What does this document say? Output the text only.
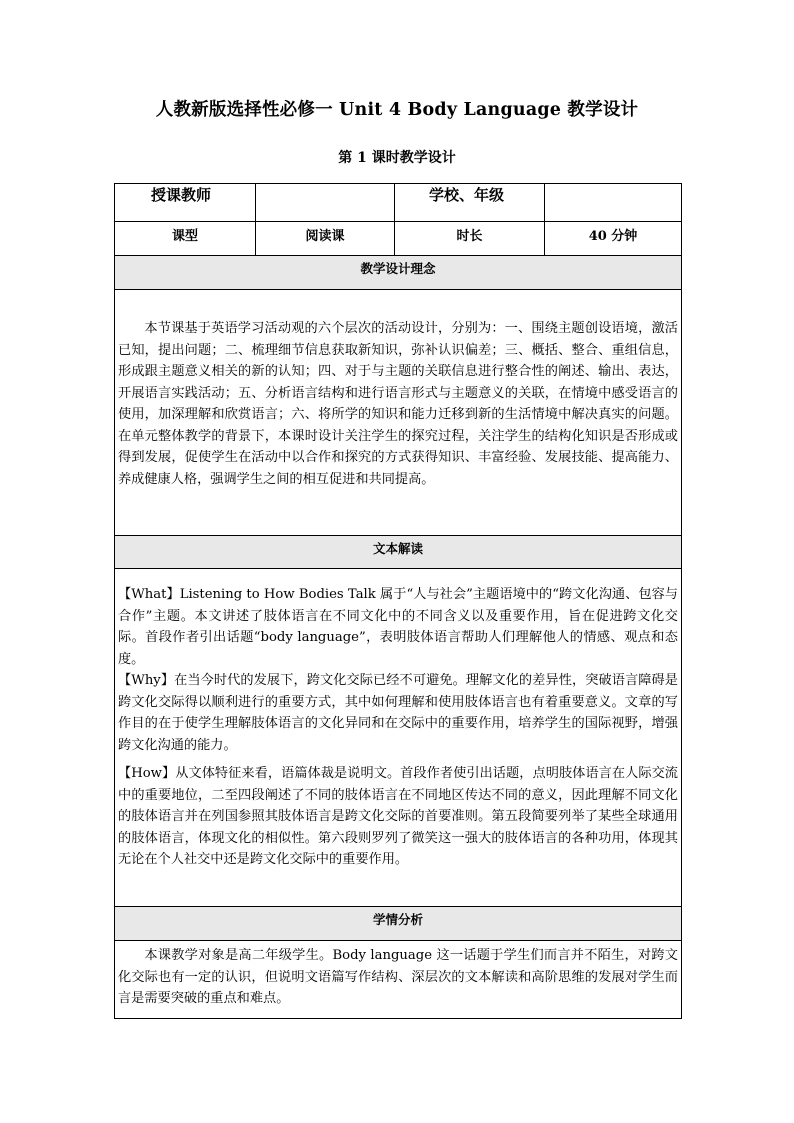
人教新版选择性必修一 Unit 4 Body Language 教学设计
第 1 课时教学设计
授课教师		学校、年级	
课型	阅读课	时长	40 分钟
教学设计理念			

本节课基于英语学习活动观的六个层次的活动设计，分别为：一、围绕主题创设语境，激活已知，提出问题；二、梳理细节信息获取新知识，弥补认识偏差；三、概括、整合、重组信息，形成跟主题意义相关的新的认知；四、对于与主题的关联信息进行整合性的阐述、输出、表达，开展语言实践活动；五、分析语言结构和进行语言形式与主题意义的关联，在情境中感受语言的使用，加深理解和欣赏语言；六、将所学的知识和能力迁移到新的生活情境中解决真实的问题。在单元整体教学的背景下，本课时设计关注学生的探究过程，关注学生的结构化知识是否形成或得到发展，促使学生在活动中以合作和探究的方式获得知识、丰富经验、发展技能、提高能力、养成健康人格，强调学生之间的相互促进和共同提高。			

文本解读			

【What】Listening to How Bodies Talk 属于“人与社会”主题语境中的“跨文化沟通、包容与合作”主题。本文讲述了肢体语言在不同文化中的不同含义以及重要作用，旨在促进跨文化交际。首段作者引出话题“body language”，表明肢体语言帮助人们理解他人的情感、观点和态度。

【Why】在当今时代的发展下，跨文化交际已经不可避免。理解文化的差异性，突破语言障碍是跨文化交际得以顺利进行的重要方式，其中如何理解和使用肢体语言也有着重要意义。文章的写作目的在于使学生理解肢体语言的文化异同和在交际中的重要作用，培养学生的国际视野，增强跨文化沟通的能力。

【How】从文体特征来看，语篇体裁是说明文。首段作者使引出话题，点明肢体语言在人际交流中的重要地位，二至四段阐述了不同的肢体语言在不同地区传达不同的意义，因此理解不同文化的肢体语言并在列国参照其肢体语言是跨文化交际的首要准则。第五段简要列举了某些全球通用的肢体语言，体现文化的相似性。第六段则罗列了微笑这一强大的肢体语言的各种功用，体现其无论在个人社交中还是跨文化交际中的重要作用。			

学情分析			

本课教学对象是高二年级学生。Body language 这一话题于学生们而言并不陌生，对跨文化交际也有一定的认识，但说明文语篇写作结构、深层次的文本解读和高阶思维的发展对学生而言是需要突破的重点和难点。			
